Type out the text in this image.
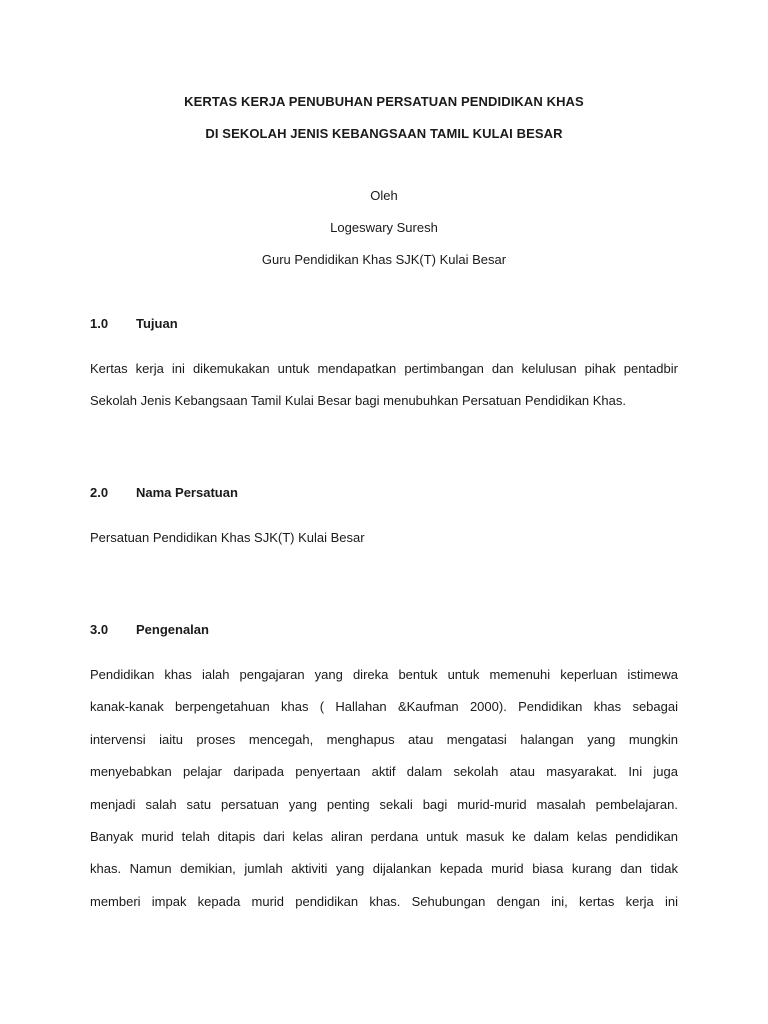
KERTAS KERJA PENUBUHAN PERSATUAN PENDIDIKAN KHAS
DI SEKOLAH JENIS KEBANGSAAN TAMIL KULAI BESAR
Oleh
Logeswary Suresh
Guru Pendidikan Khas SJK(T) Kulai Besar
1.0 Tujuan
Kertas kerja ini dikemukakan untuk mendapatkan pertimbangan dan kelulusan pihak pentadbir
Sekolah Jenis Kebangsaan Tamil Kulai Besar bagi menubuhkan Persatuan Pendidikan Khas.
2.0 Nama Persatuan
Persatuan Pendidikan Khas SJK(T) Kulai Besar
3.0 Pengenalan
Pendidikan khas ialah pengajaran yang direka bentuk untuk memenuhi keperluan istimewa
kanak-kanak berpengetahuan khas ( Hallahan &Kaufman 2000). Pendidikan khas sebagai
intervensi iaitu proses mencegah, menghapus atau mengatasi halangan yang mungkin
menyebabkan pelajar daripada penyertaan aktif dalam sekolah atau masyarakat. Ini juga
menjadi salah satu persatuan yang penting sekali bagi murid-murid masalah pembelajaran.
Banyak murid telah ditapis dari kelas aliran perdana untuk masuk ke dalam kelas pendidikan
khas. Namun demikian, jumlah aktiviti yang dijalankan kepada murid biasa kurang dan tidak
memberi impak kepada murid pendidikan khas. Sehubungan dengan ini, kertas kerja ini
